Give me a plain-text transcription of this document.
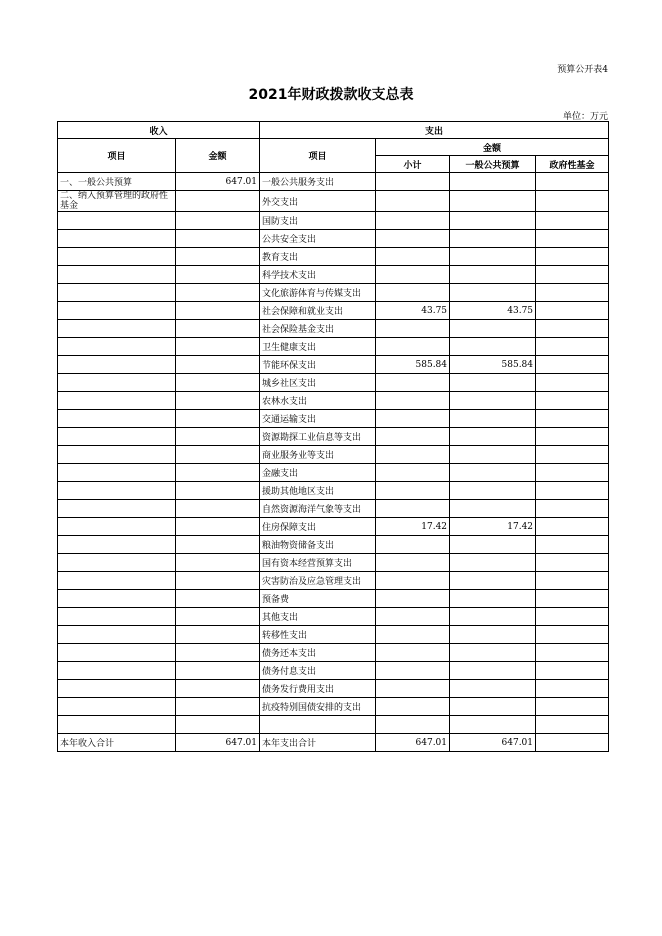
预算公开表4
2021年财政拨款收支总表
单位：万元
收入		支出			
项目	金额	项目	金额		
			小计	一般公共预算	政府性基金
一、一般公共预算	647.01	一般公共服务支出			
二、纳入预算管理的政府性基金		外交支出			
		国防支出			
		公共安全支出			
		教育支出			
		科学技术支出			
		文化旅游体育与传媒支出			
		社会保障和就业支出	43.75	43.75	
		社会保险基金支出			
		卫生健康支出			
		节能环保支出	585.84	585.84	
		城乡社区支出			
		农林水支出			
		交通运输支出			
		资源勘探工业信息等支出			
		商业服务业等支出			
		金融支出			
		援助其他地区支出			
		自然资源海洋气象等支出			
		住房保障支出	17.42	17.42	
		粮油物资储备支出			
		国有资本经营预算支出			
		灾害防治及应急管理支出			
		预备费			
		其他支出			
		转移性支出			
		债务还本支出			
		债务付息支出			
		债务发行费用支出			
		抗疫特别国债安排的支出			

本年收入合计	647.01	本年支出合计	647.01	647.01	
